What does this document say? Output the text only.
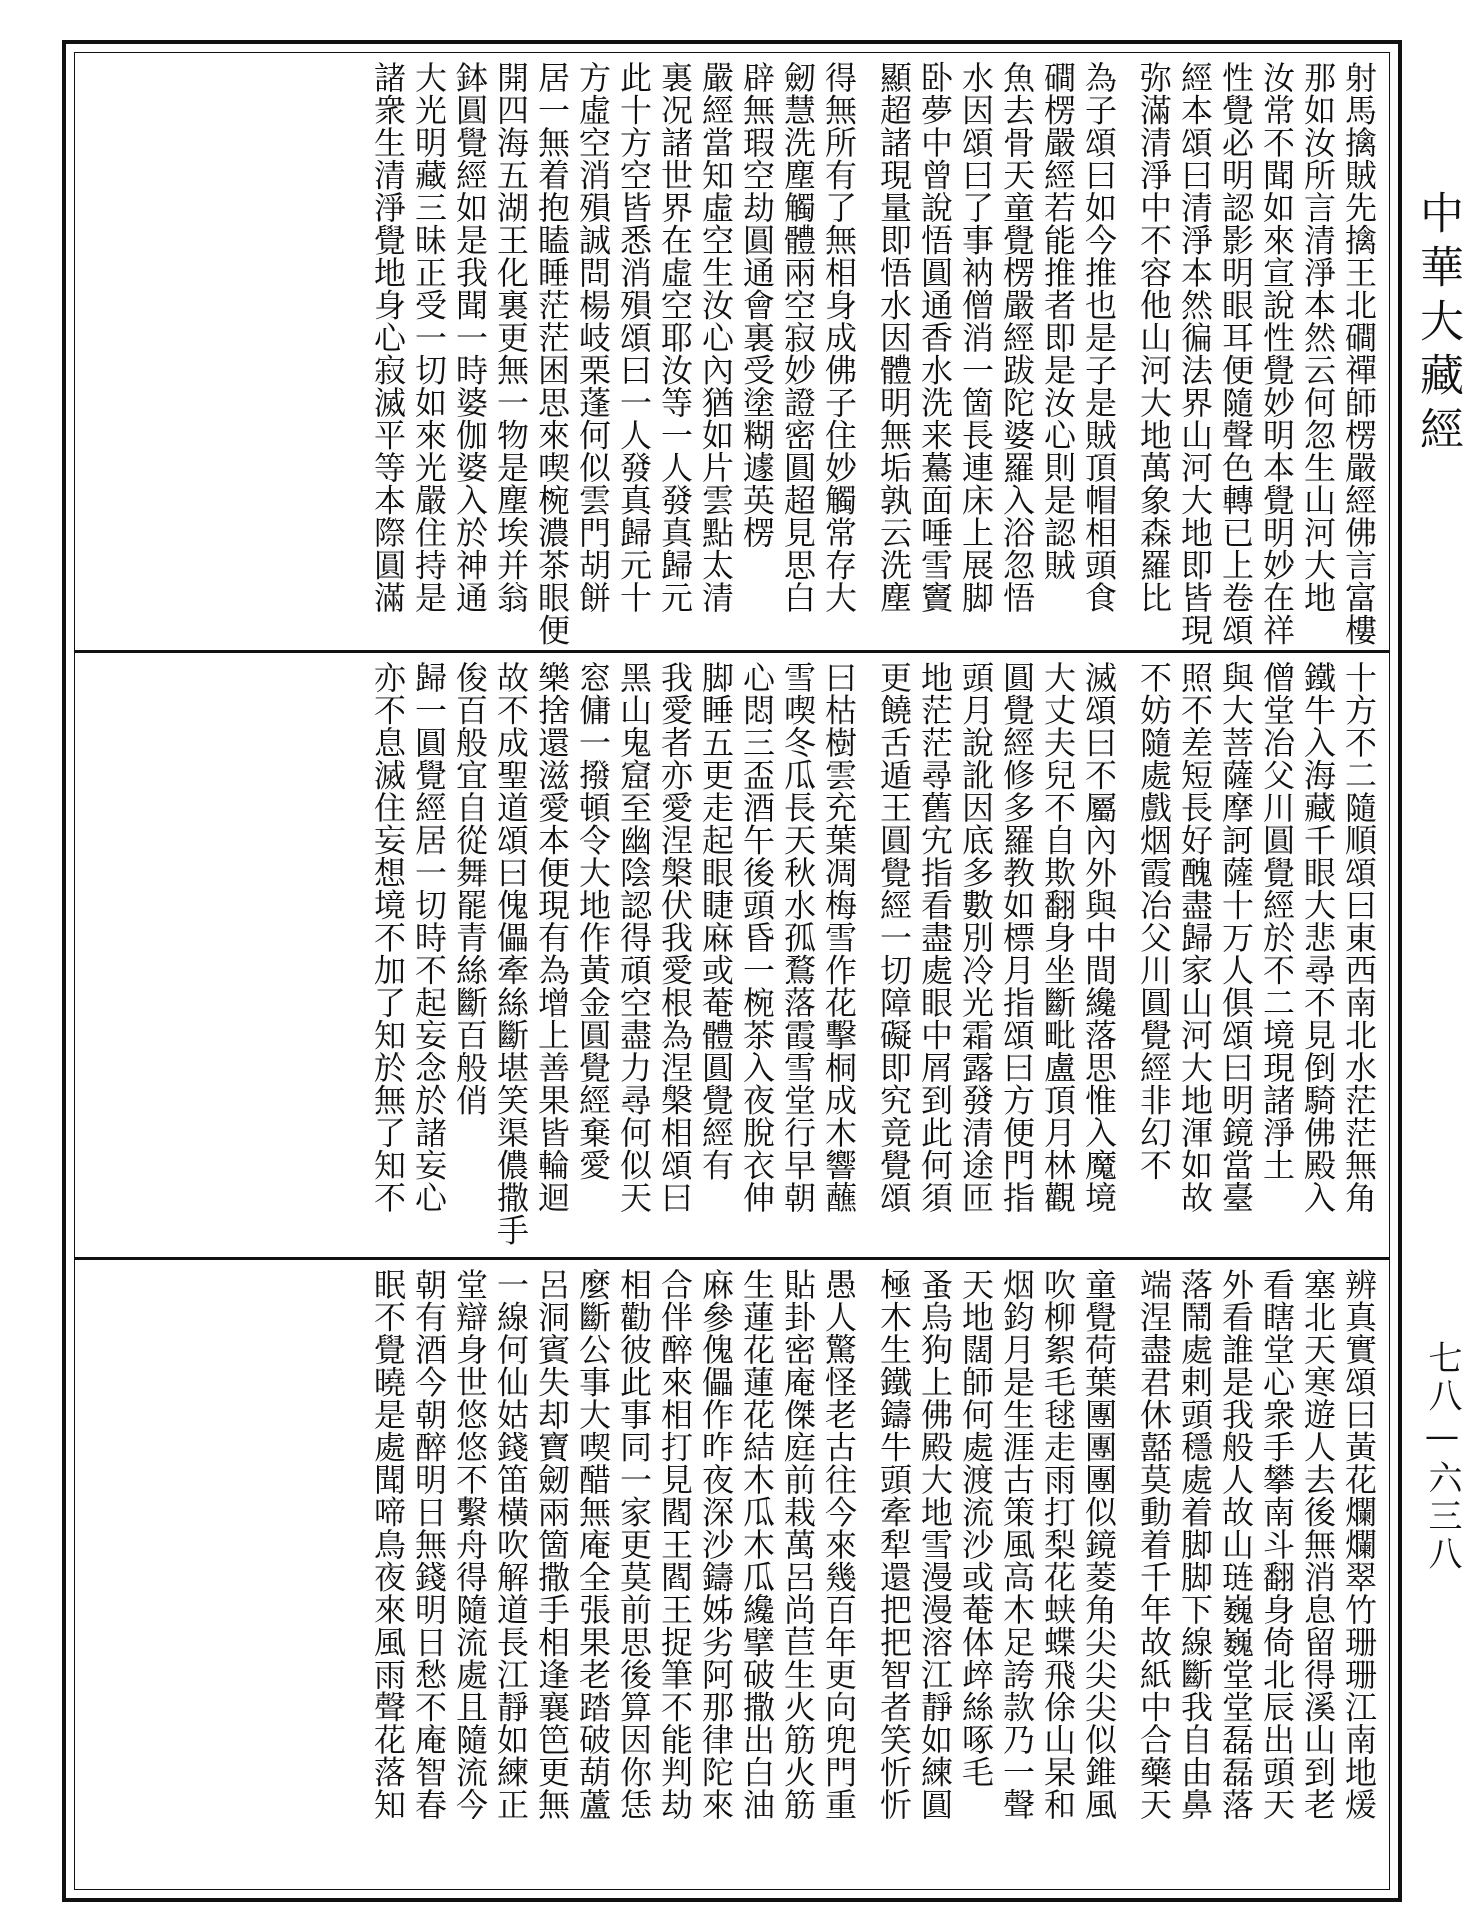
射馬擒賊先擒王北磵禪師楞嚴經佛言富樓
那如汝所言清淨本然云何忽生山河大地
汝常不聞如來宣說性覺妙明本覺明妙在祥
性覺必明認影明眼耳便隨聲色轉已上卷頌
經本頌曰清淨本然徧法界山河大地即皆現
弥滿清淨中不容他山河大地萬象森羅比
為子頌曰如今推也是子是賊頂帽相頭食
磵楞嚴經若能推者即是汝心則是認賊
魚去骨天童覺楞嚴經跋陀婆羅入浴忽悟
水因頌曰了事衲僧消一箇長連床上展脚
卧夢中曾說悟圓通香水洗来驀面唾雪竇
顯超諸現量即悟水因體明無垢孰云洗塵
得無所有了無相身成佛子住妙觸常存大
劒慧洗塵觸體兩空寂妙證密圓超見思白
辟無瑕空劫圓通會裏受塗糊遽英楞
嚴經當知虛空生汝心內猶如片雲點太清
裏况諸世界在虛空耶汝等一人發真歸元
此十方空皆悉消殞頌曰一人發真歸元十
方虛空消殞誠問楊岐栗蓬何似雲門胡餅
居一無着抱瞌睡茫茫困思來喫椀濃茶眼便
開四海五湖王化裏更無一物是塵埃并翁
鉢圓覺經如是我聞一時婆伽婆入於神通
大光明藏三昧正受一切如來光嚴住持是
諸衆生清淨覺地身心寂滅平等本際圓滿
十方不二隨順頌曰東西南北水茫茫無角
鐵牛入海藏千眼大悲尋不見倒騎佛殿入
僧堂冶父川圓覺經於不二境現諸淨土
與大菩薩摩訶薩十万人俱頌曰明鏡當臺
照不差短長好醜盡歸家山河大地渾如故
不妨隨處戲烟霞冶父川圓覺經非幻不
滅頌曰不屬內外與中間纔落思惟入魔境
大丈夫兒不自欺翻身坐斷毗盧頂月林觀
圓覺經修多羅教如標月指頌曰方便門指
頭月說訛因底多數別冷光霜露發清途匝
地茫茫尋舊宄指看盡處眼中屑到此何須
更饒舌遁王圓覺經一切障礙即究竟覺頌
曰枯樹雲充葉凋梅雪作花擊桐成木響蘸
雪喫冬瓜長天秋水孤鶩落霞雪堂行早朝
心悶三盃酒午後頭昏一椀茶入夜脫衣伸
脚睡五更走起眼睫麻或菴體圓覺經有
我愛者亦愛涅槃伏我愛根為涅槃相頌曰
黑山鬼窟至幽陰認得頑空盡力尋何似天
窓傭一撥頓令大地作黃金圓覺經棄愛
樂捨還滋愛本便現有為增上善果皆輪迴
故不成聖道頌曰傀儡牽絲斷堪笑渠儂撒手
俊百般宜自從舞罷青絲斷百般俏
歸一圓覺經居一切時不起妄念於諸妄心
亦不息滅住妄想境不加了知於無了知不
辨真實頌曰黃花爛爛翠竹珊珊江南地煖
塞北天寒遊人去後無消息留得溪山到老
看瞎堂心衆手攀南斗翻身倚北辰出頭天
外看誰是我般人故山琏巍巍堂堂磊磊落
落鬧處剌頭穩處着脚脚下線斷我自由鼻
端涅盡君休嚭莫動着千年故紙中合藥天
童覺荷葉團團團似鏡菱角尖尖尖似錐風
吹柳絮毛毬走雨打梨花蛱蝶飛俆山杲和
烟鈞月是生涯古策風高木足誇款乃一聲
天地闊師何處渡流沙或菴体㱖絲啄毛
蚤烏狗上佛殿大地雪漫漫溶江靜如練圓
極木生鐵鑄牛頭牽犁還把把智者笑忻忻
愚人驚怪老古往今來幾百年更向兜門重
貼卦密庵傑庭前栽萬呂尚苣生火筋火筋
生蓮花蓮花結木瓜木瓜纔擘破撒出白油
麻參傀儡作昨夜深沙鑄姊劣阿那律陀來
合伴醉來相打見閻王閻王捉筆不能判劫
相勸彼此事同一家更莫前思後算因你恁
麼斷公事大喫醋無庵全張果老踏破葫蘆
呂洞賓失却寶劒兩箇撒手相逢襄笆更無
一線何仙姑錢笛橫吹解道長江靜如練正
堂辯身世悠悠不繫舟得隨流處且隨流今
朝有酒今朝醉明日無錢明日愁不庵智春
眠不覺曉是處聞啼鳥夜來風雨聲花落知
中華大藏經
七八—六三八
